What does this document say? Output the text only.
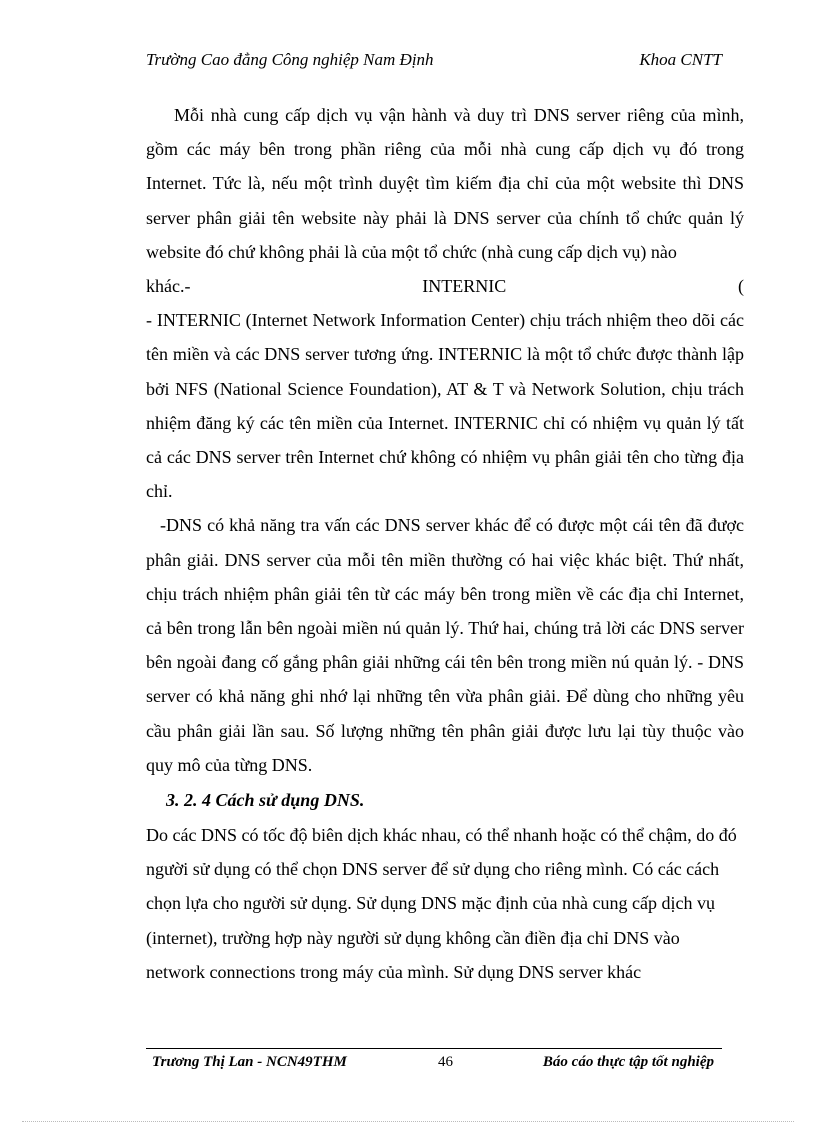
Trường Cao đẳng Công nghiệp Nam Định	Khoa CNTT

Mỗi nhà cung cấp dịch vụ vận hành và duy trì DNS server riêng của mình, gồm các máy bên trong phần riêng của mỗi nhà cung cấp dịch vụ đó trong Internet. Tức là, nếu một trình duyệt tìm kiếm địa chỉ của một website thì DNS server phân giải tên website này phải là DNS server của chính tổ chức quản lý website đó chứ không phải là của một tổ chức (nhà cung cấp dịch vụ) nào

khác.-	INTERNIC	(

- INTERNIC (Internet Network Information Center) chịu trách nhiệm theo dõi các tên miền và các DNS server tương ứng. INTERNIC là một tổ chức được thành lập bởi NFS (National Science Foundation), AT & T và Network Solution, chịu trách nhiệm đăng ký các tên miền của Internet. INTERNIC chỉ có nhiệm vụ quản lý tất cả các DNS server trên Internet chứ không có nhiệm vụ phân giải tên cho từng địa chỉ.

-DNS có khả năng tra vấn các DNS server khác để có được một cái tên đã được phân giải. DNS server của mỗi tên miền thường có hai việc khác biệt. Thứ nhất, chịu trách nhiệm phân giải tên từ các máy bên trong miền về các địa chỉ Internet, cả bên trong lẫn bên ngoài miền nú quản lý. Thứ hai, chúng trả lời các DNS server bên ngoài đang cố gắng phân giải những cái tên bên trong miền nú quản lý. - DNS server có khả năng ghi nhớ lại những tên vừa phân giải. Để dùng cho những yêu cầu phân giải lần sau. Số lượng những tên phân giải được lưu lại tùy thuộc vào quy mô của từng DNS.

3. 2. 4 Cách sử dụng DNS.

Do các DNS có tốc độ biên dịch khác nhau, có thể nhanh hoặc có thể chậm, do đó người sử dụng có thể chọn DNS server để sử dụng cho riêng mình. Có các cách chọn lựa cho người sử dụng. Sử dụng DNS mặc định của nhà cung cấp dịch vụ (internet), trường hợp này người sử dụng không cần điền địa chỉ DNS vào network connections trong máy của mình. Sử dụng DNS server khác

Trương Thị Lan - NCN49THM	46	Báo cáo thực tập tốt nghiệp
